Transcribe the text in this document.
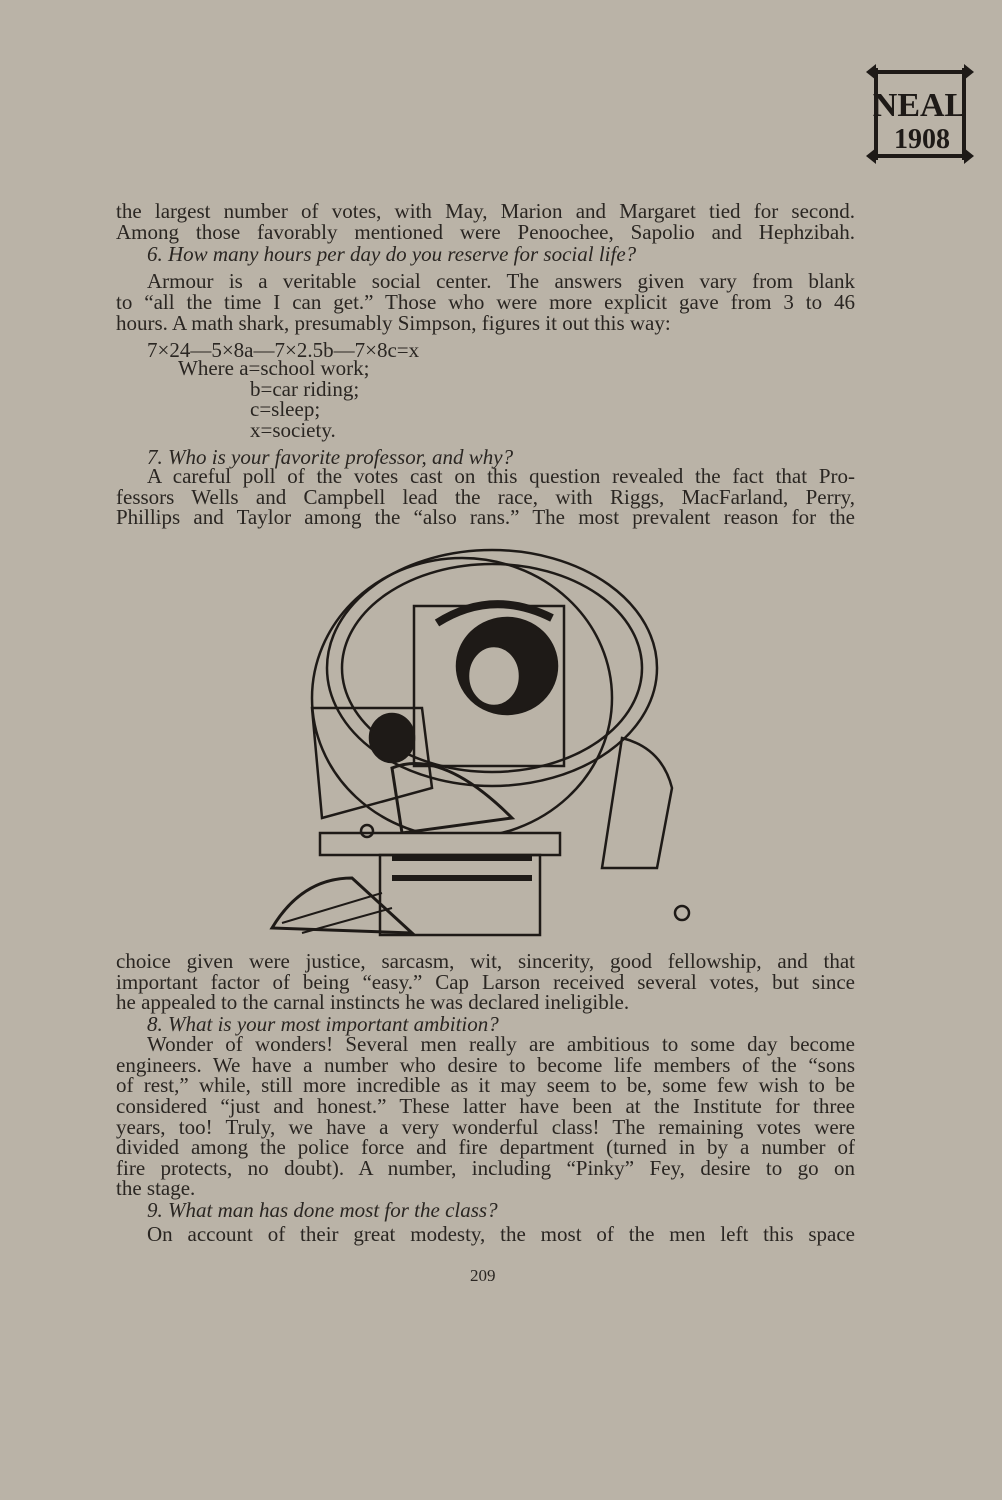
NEAL
1908
the largest number of votes, with May, Marion and Margaret tied for second.
Among those favorably mentioned were Penoochee, Sapolio and Hephzibah.
6. How many hours per day do you reserve for social life?
Armour is a veritable social center. The answers given vary from blank
to “all the time I can get.” Those who were more explicit gave from 3 to 46
hours. A math shark, presumably Simpson, figures it out this way:
7×24—5×8a—7×2.5b—7×8c=x
Where a=school work;
b=car riding;
c=sleep;
x=society.
7. Who is your favorite professor, and why?
A careful poll of the votes cast on this question revealed the fact that Pro-
fessors Wells and Campbell lead the race, with Riggs, MacFarland, Perry,
Phillips and Taylor among the “also rans.” The most prevalent reason for the
choice given were justice, sarcasm, wit, sincerity, good fellowship, and that
important factor of being “easy.” Cap Larson received several votes, but since
he appealed to the carnal instincts he was declared ineligible.
8. What is your most important ambition?
Wonder of wonders! Several men really are ambitious to some day become
engineers. We have a number who desire to become life members of the “sons
of rest,” while, still more incredible as it may seem to be, some few wish to be
considered “just and honest.” These latter have been at the Institute for three
years, too! Truly, we have a very wonderful class! The remaining votes were
divided among the police force and fire department (turned in by a number of
fire protects, no doubt). A number, including “Pinky” Fey, desire to go on
the stage.
9. What man has done most for the class?
On account of their great modesty, the most of the men left this space
209
